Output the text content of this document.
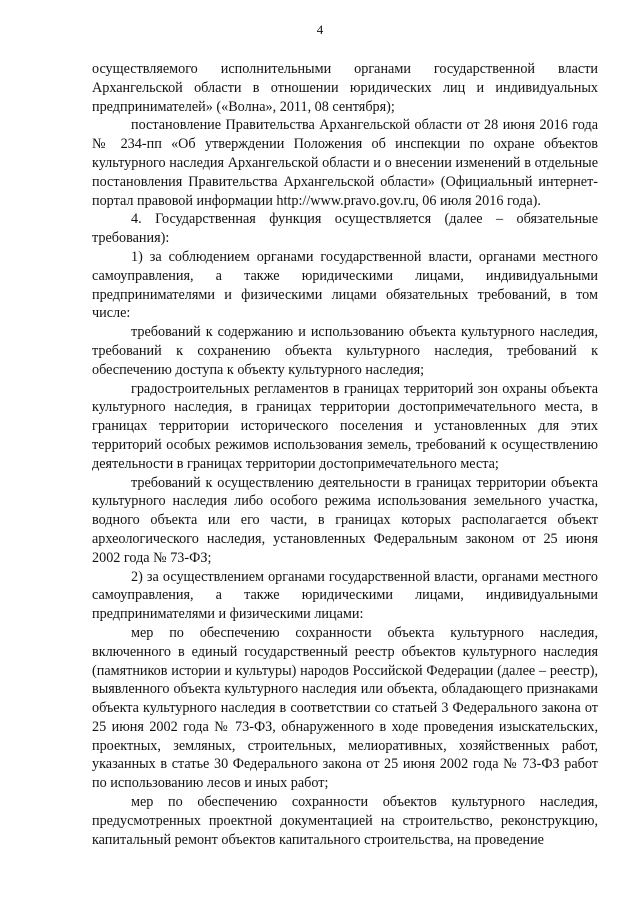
4

осуществляемого исполнительными органами государственной власти Архангельской области в отношении юридических лиц и индивидуальных предпринимателей» («Волна», 2011, 08 сентября);

постановление Правительства Архангельской области от 28 июня 2016 года № 234-пп «Об утверждении Положения об инспекции по охране объектов культурного наследия Архангельской области и о внесении изменений в отдельные постановления Правительства Архангельской области» (Официальный интернет-портал правовой информации http://www.pravo.gov.ru, 06 июля 2016 года).

4. Государственная функция осуществляется (далее – обязательные требования):

1) за соблюдением органами государственной власти, органами местного самоуправления, а также юридическими лицами, индивидуальными предпринимателями и физическими лицами обязательных требований, в том числе:

требований к содержанию и использованию объекта культурного наследия, требований к сохранению объекта культурного наследия, требований к обеспечению доступа к объекту культурного наследия;

градостроительных регламентов в границах территорий зон охраны объекта культурного наследия, в границах территории достопримечательного места, в границах территории исторического поселения и установленных для этих территорий особых режимов использования земель, требований к осуществлению деятельности в границах территории достопримечательного места;

требований к осуществлению деятельности в границах территории объекта культурного наследия либо особого режима использования земельного участка, водного объекта или его части, в границах которых располагается объект археологического наследия, установленных Федеральным законом от 25 июня 2002 года № 73-ФЗ;

2) за осуществлением органами государственной власти, органами местного самоуправления, а также юридическими лицами, индивидуальными предпринимателями и физическими лицами:

мер по обеспечению сохранности объекта культурного наследия, включенного в единый государственный реестр объектов культурного наследия (памятников истории и культуры) народов Российской Федерации (далее – реестр), выявленного объекта культурного наследия или объекта, обладающего признаками объекта культурного наследия в соответствии со статьей 3 Федерального закона от 25 июня 2002 года № 73-ФЗ, обнаруженного в ходе проведения изыскательских, проектных, земляных, строительных, мелиоративных, хозяйственных работ, указанных в статье 30 Федерального закона от 25 июня 2002 года № 73-ФЗ работ по использованию лесов и иных работ;

мер по обеспечению сохранности объектов культурного наследия, предусмотренных проектной документацией на строительство, реконструкцию, капитальный ремонт объектов капитального строительства, на проведение
